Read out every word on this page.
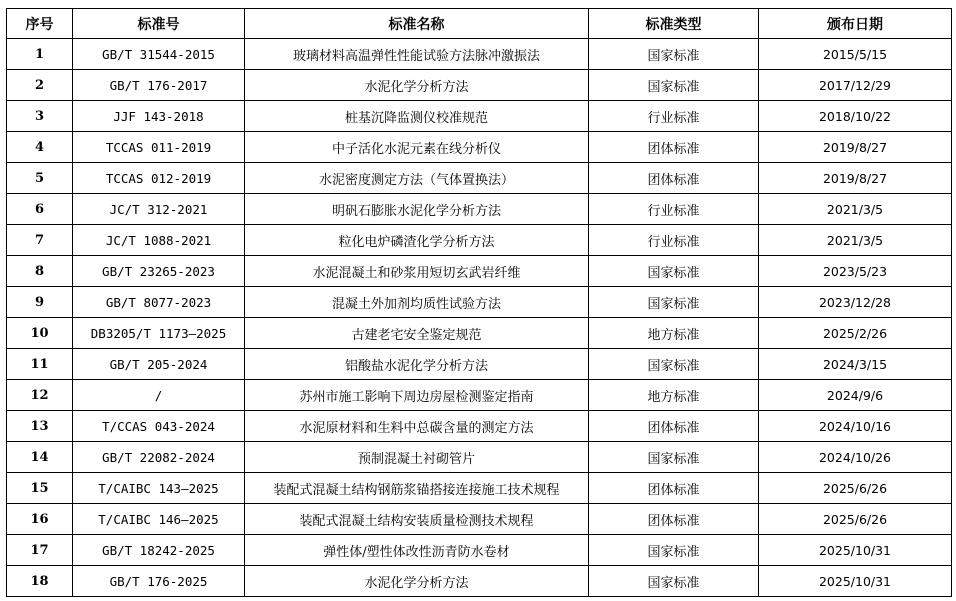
序号	标准号	标准名称	标准类型	颁布日期
1	GB/T 31544-2015	玻璃材料高温弹性性能试验方法脉冲激振法	国家标准	2015/5/15
2	GB/T 176-2017	水泥化学分析方法	国家标准	2017/12/29
3	JJF 143-2018	桩基沉降监测仪校准规范	行业标准	2018/10/22
4	TCCAS 011-2019	中子活化水泥元素在线分析仪	团体标准	2019/8/27
5	TCCAS 012-2019	水泥密度测定方法（气体置换法）	团体标准	2019/8/27
6	JC/T 312-2021	明矾石膨胀水泥化学分析方法	行业标准	2021/3/5
7	JC/T 1088-2021	粒化电炉磷渣化学分析方法	行业标准	2021/3/5
8	GB/T 23265-2023	水泥混凝土和砂浆用短切玄武岩纤维	国家标准	2023/5/23
9	GB/T 8077-2023	混凝土外加剂均质性试验方法	国家标准	2023/12/28
10	DB3205/T 1173—2025	古建老宅安全鉴定规范	地方标准	2025/2/26
11	GB/T 205-2024	铝酸盐水泥化学分析方法	国家标准	2024/3/15
12	/	苏州市施工影响下周边房屋检测鉴定指南	地方标准	2024/9/6
13	T/CCAS 043-2024	水泥原材料和生料中总碳含量的测定方法	团体标准	2024/10/16
14	GB/T 22082-2024	预制混凝土衬砌管片	国家标准	2024/10/26
15	T/CAIBC 143—2025	装配式混凝土结构钢筋浆锚搭接连接施工技术规程	团体标准	2025/6/26
16	T/CAIBC 146—2025	装配式混凝土结构安装质量检测技术规程	团体标准	2025/6/26
17	GB/T 18242-2025	弹性体/塑性体改性沥青防水卷材	国家标准	2025/10/31
18	GB/T 176-2025	水泥化学分析方法	国家标准	2025/10/31
